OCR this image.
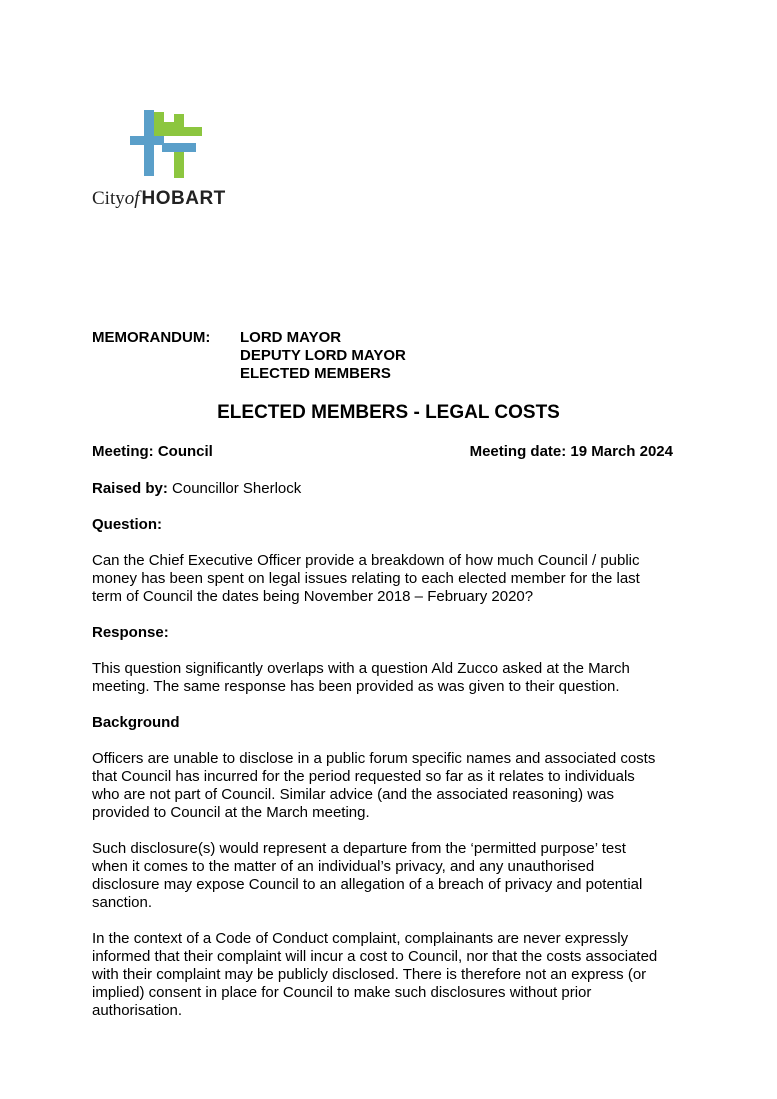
Cityof HOBART
MEMORANDUM: LORD MAYOR
DEPUTY LORD MAYOR
ELECTED MEMBERS
ELECTED MEMBERS - LEGAL COSTS
Meeting: Council	Meeting date: 19 March 2024
Raised by: Councillor Sherlock
Question:
Can the Chief Executive Officer provide a breakdown of how much Council / public
money has been spent on legal issues relating to each elected member for the last
term of Council the dates being November 2018 – February 2020?
Response:
This question significantly overlaps with a question Ald Zucco asked at the March
meeting. The same response has been provided as was given to their question.
Background
Officers are unable to disclose in a public forum specific names and associated costs
that Council has incurred for the period requested so far as it relates to individuals
who are not part of Council. Similar advice (and the associated reasoning) was
provided to Council at the March meeting.
Such disclosure(s) would represent a departure from the ‘permitted purpose’ test
when it comes to the matter of an individual’s privacy, and any unauthorised
disclosure may expose Council to an allegation of a breach of privacy and potential
sanction.
In the context of a Code of Conduct complaint, complainants are never expressly
informed that their complaint will incur a cost to Council, nor that the costs associated
with their complaint may be publicly disclosed. There is therefore not an express (or
implied) consent in place for Council to make such disclosures without prior
authorisation.
